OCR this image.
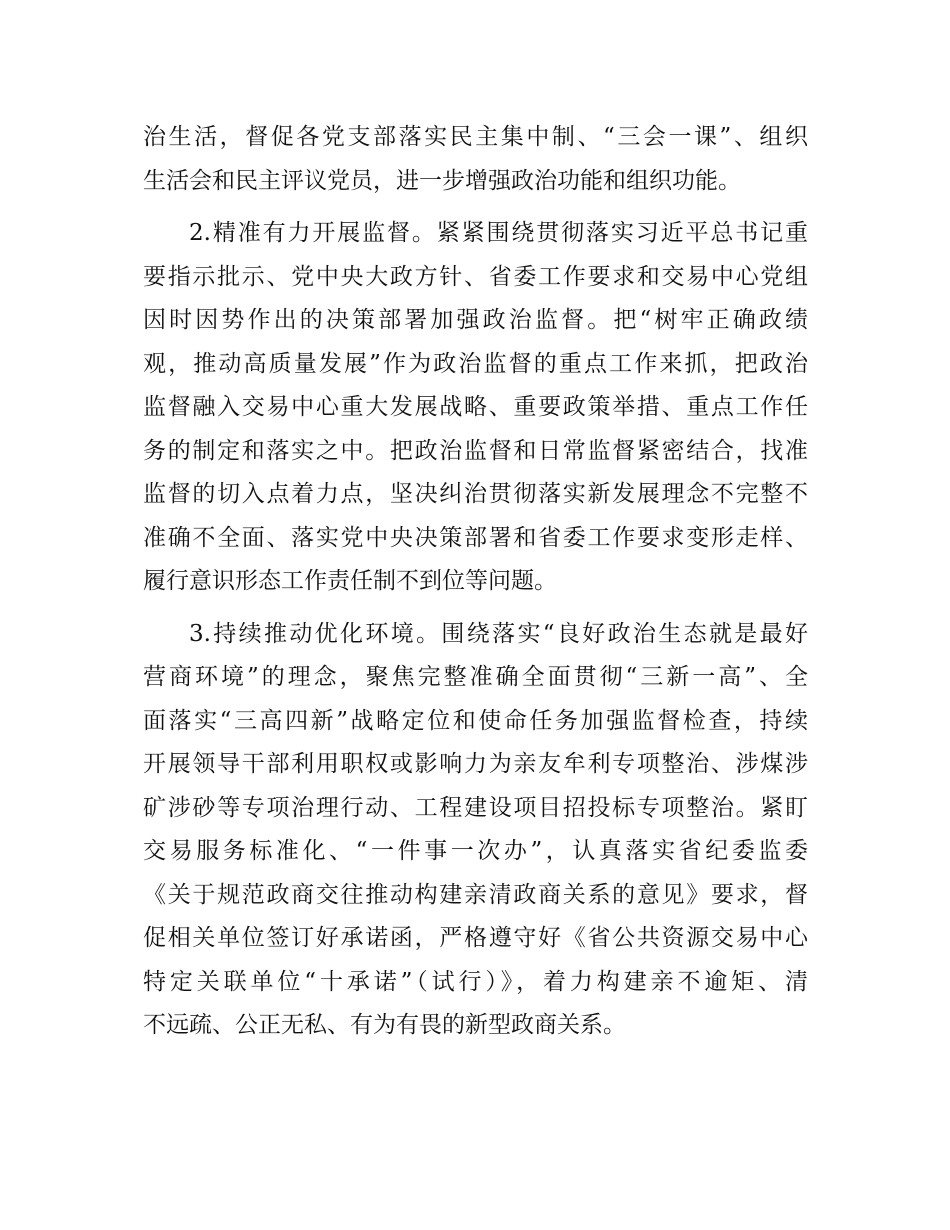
治生活，督促各党支部落实民主集中制、“三会一课”、组织
生活会和民主评议党员，进一步增强政治功能和组织功能。
2.精准有力开展监督。紧紧围绕贯彻落实习近平总书记重
要指示批示、党中央大政方针、省委工作要求和交易中心党组
因时因势作出的决策部署加强政治监督。把“树牢正确政绩
观，推动高质量发展”作为政治监督的重点工作来抓，把政治
监督融入交易中心重大发展战略、重要政策举措、重点工作任
务的制定和落实之中。把政治监督和日常监督紧密结合，找准
监督的切入点着力点，坚决纠治贯彻落实新发展理念不完整不
准确不全面、落实党中央决策部署和省委工作要求变形走样、
履行意识形态工作责任制不到位等问题。
3.持续推动优化环境。围绕落实“良好政治生态就是最好
营商环境”的理念，聚焦完整准确全面贯彻“三新一高”、全
面落实“三高四新”战略定位和使命任务加强监督检查，持续
开展领导干部利用职权或影响力为亲友牟利专项整治、涉煤涉
矿涉砂等专项治理行动、工程建设项目招投标专项整治。紧盯
交易服务标准化、“一件事一次办”，认真落实省纪委监委
《关于规范政商交往推动构建亲清政商关系的意见》要求，督
促相关单位签订好承诺函，严格遵守好《省公共资源交易中心
特定关联单位“十承诺”（试行）》，着力构建亲不逾矩、清
不远疏、公正无私、有为有畏的新型政商关系。
